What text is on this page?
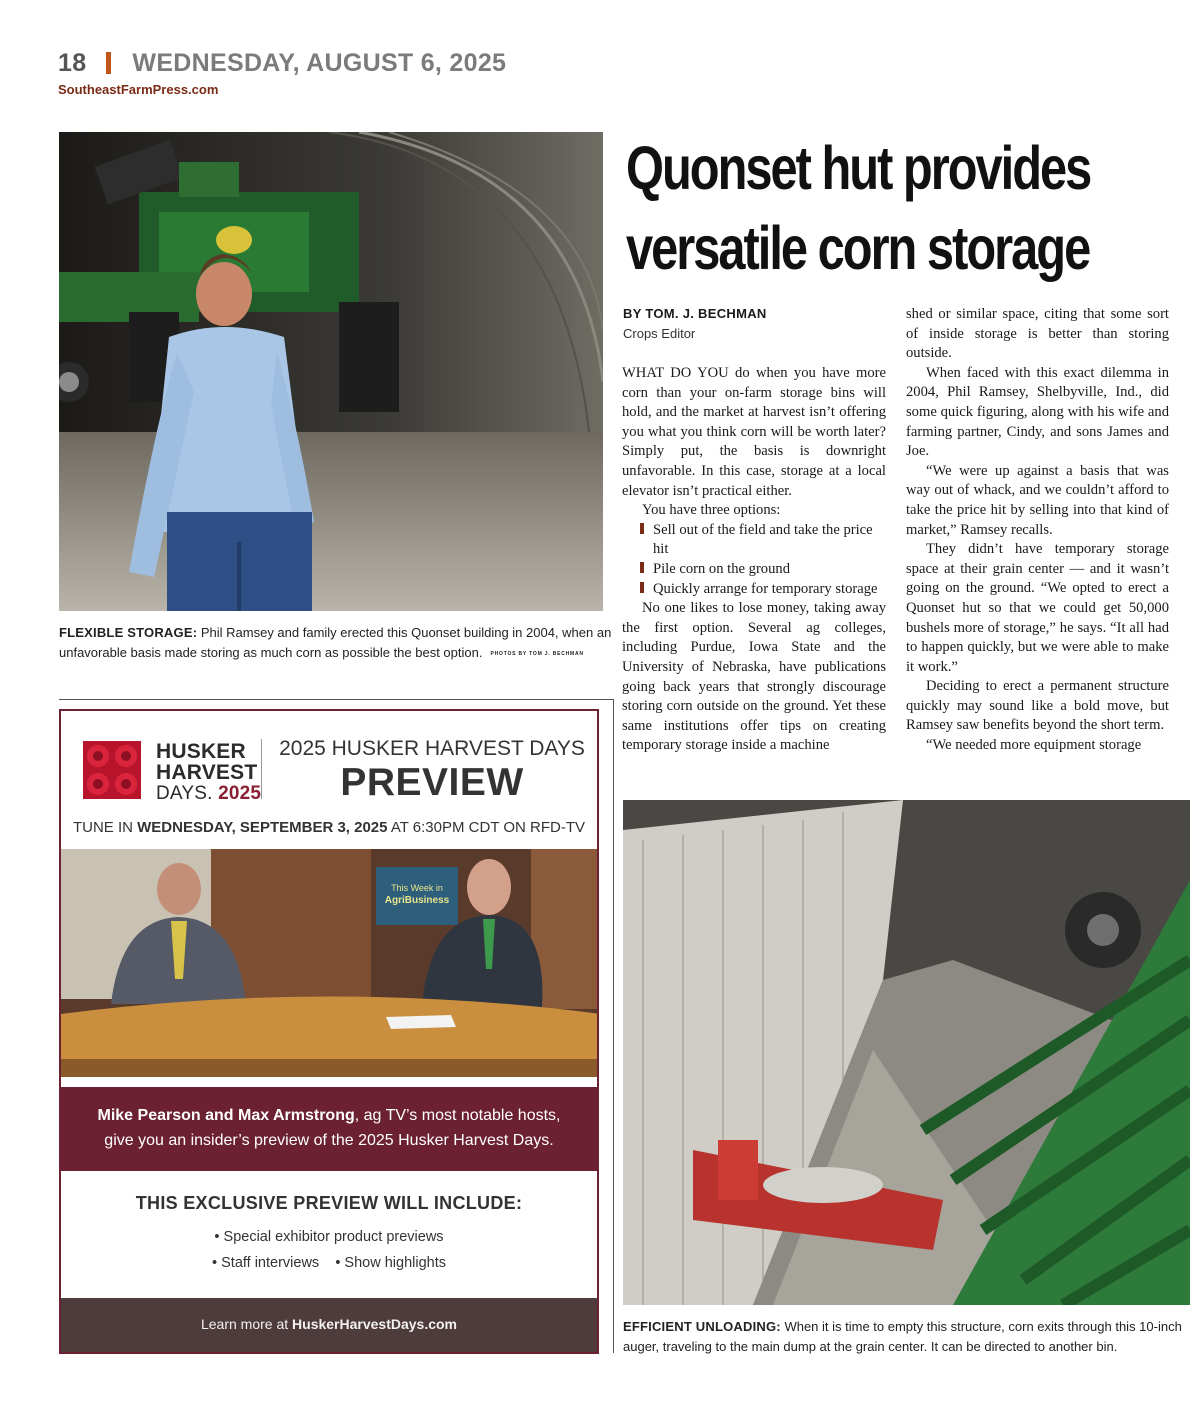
18 WEDNESDAY, AUGUST 6, 2025
SoutheastFarmPress.com
FLEXIBLE STORAGE: Phil Ramsey and family erected this Quonset building in 2004, when an unfavorable basis made storing as much corn as possible the best option. PHOTOS BY TOM J. BECHMAN
Quonset hut provides
versatile corn storage
BY TOM. J. BECHMAN
Crops Editor

WHAT DO YOU do when you have more corn than your on-farm storage bins will hold, and the market at harvest isn’t offering you what you think corn will be worth later? Simply put, the basis is downright unfavorable. In this case, storage at a local elevator isn’t practical either.

You have three options:

Sell out of the field and take the price hit
Pile corn on the ground
Quickly arrange for temporary storage

No one likes to lose money, taking away the first option. Several ag colleges, including Purdue, Iowa State and the University of Nebraska, have publications going back years that strongly discourage storing corn outside on the ground. Yet these same institutions offer tips on creating temporary storage inside a machine

shed or similar space, citing that some sort of inside storage is better than storing outside.

When faced with this exact dilemma in 2004, Phil Ramsey, Shelbyville, Ind., did some quick figuring, along with his wife and farming partner, Cindy, and sons James and Joe.

“We were up against a basis that was way out of whack, and we couldn’t afford to take the price hit by selling into that kind of market,” Ramsey recalls.

They didn’t have temporary storage space at their grain center — and it wasn’t going on the ground. “We opted to erect a Quonset hut so that we could get 50,000 bushels more of storage,” he says. “It all had to happen quickly, but we were able to make it work.”

Deciding to erect a permanent structure quickly may sound like a bold move, but Ramsey saw benefits beyond the short term.

“We needed more equipment storage

EFFICIENT UNLOADING: When it is time to empty this structure, corn exits through this 10-inch auger, traveling to the main dump at the grain center. It can be directed to another bin.
HUSKER
HARVEST
DAYS. 2025
2025 HUSKER HARVEST DAYS
PREVIEW
TUNE IN WEDNESDAY, SEPTEMBER 3, 2025 AT 6:30PM CDT ON RFD-TV
This Week in
AgriBusiness
Mike Pearson and Max Armstrong, ag TV’s most notable hosts,
give you an insider’s preview of the 2025 Husker Harvest Days.
THIS EXCLUSIVE PREVIEW WILL INCLUDE:
• Special exhibitor product previews
• Staff interviews • Show highlights
Learn more at HuskerHarvestDays.com
